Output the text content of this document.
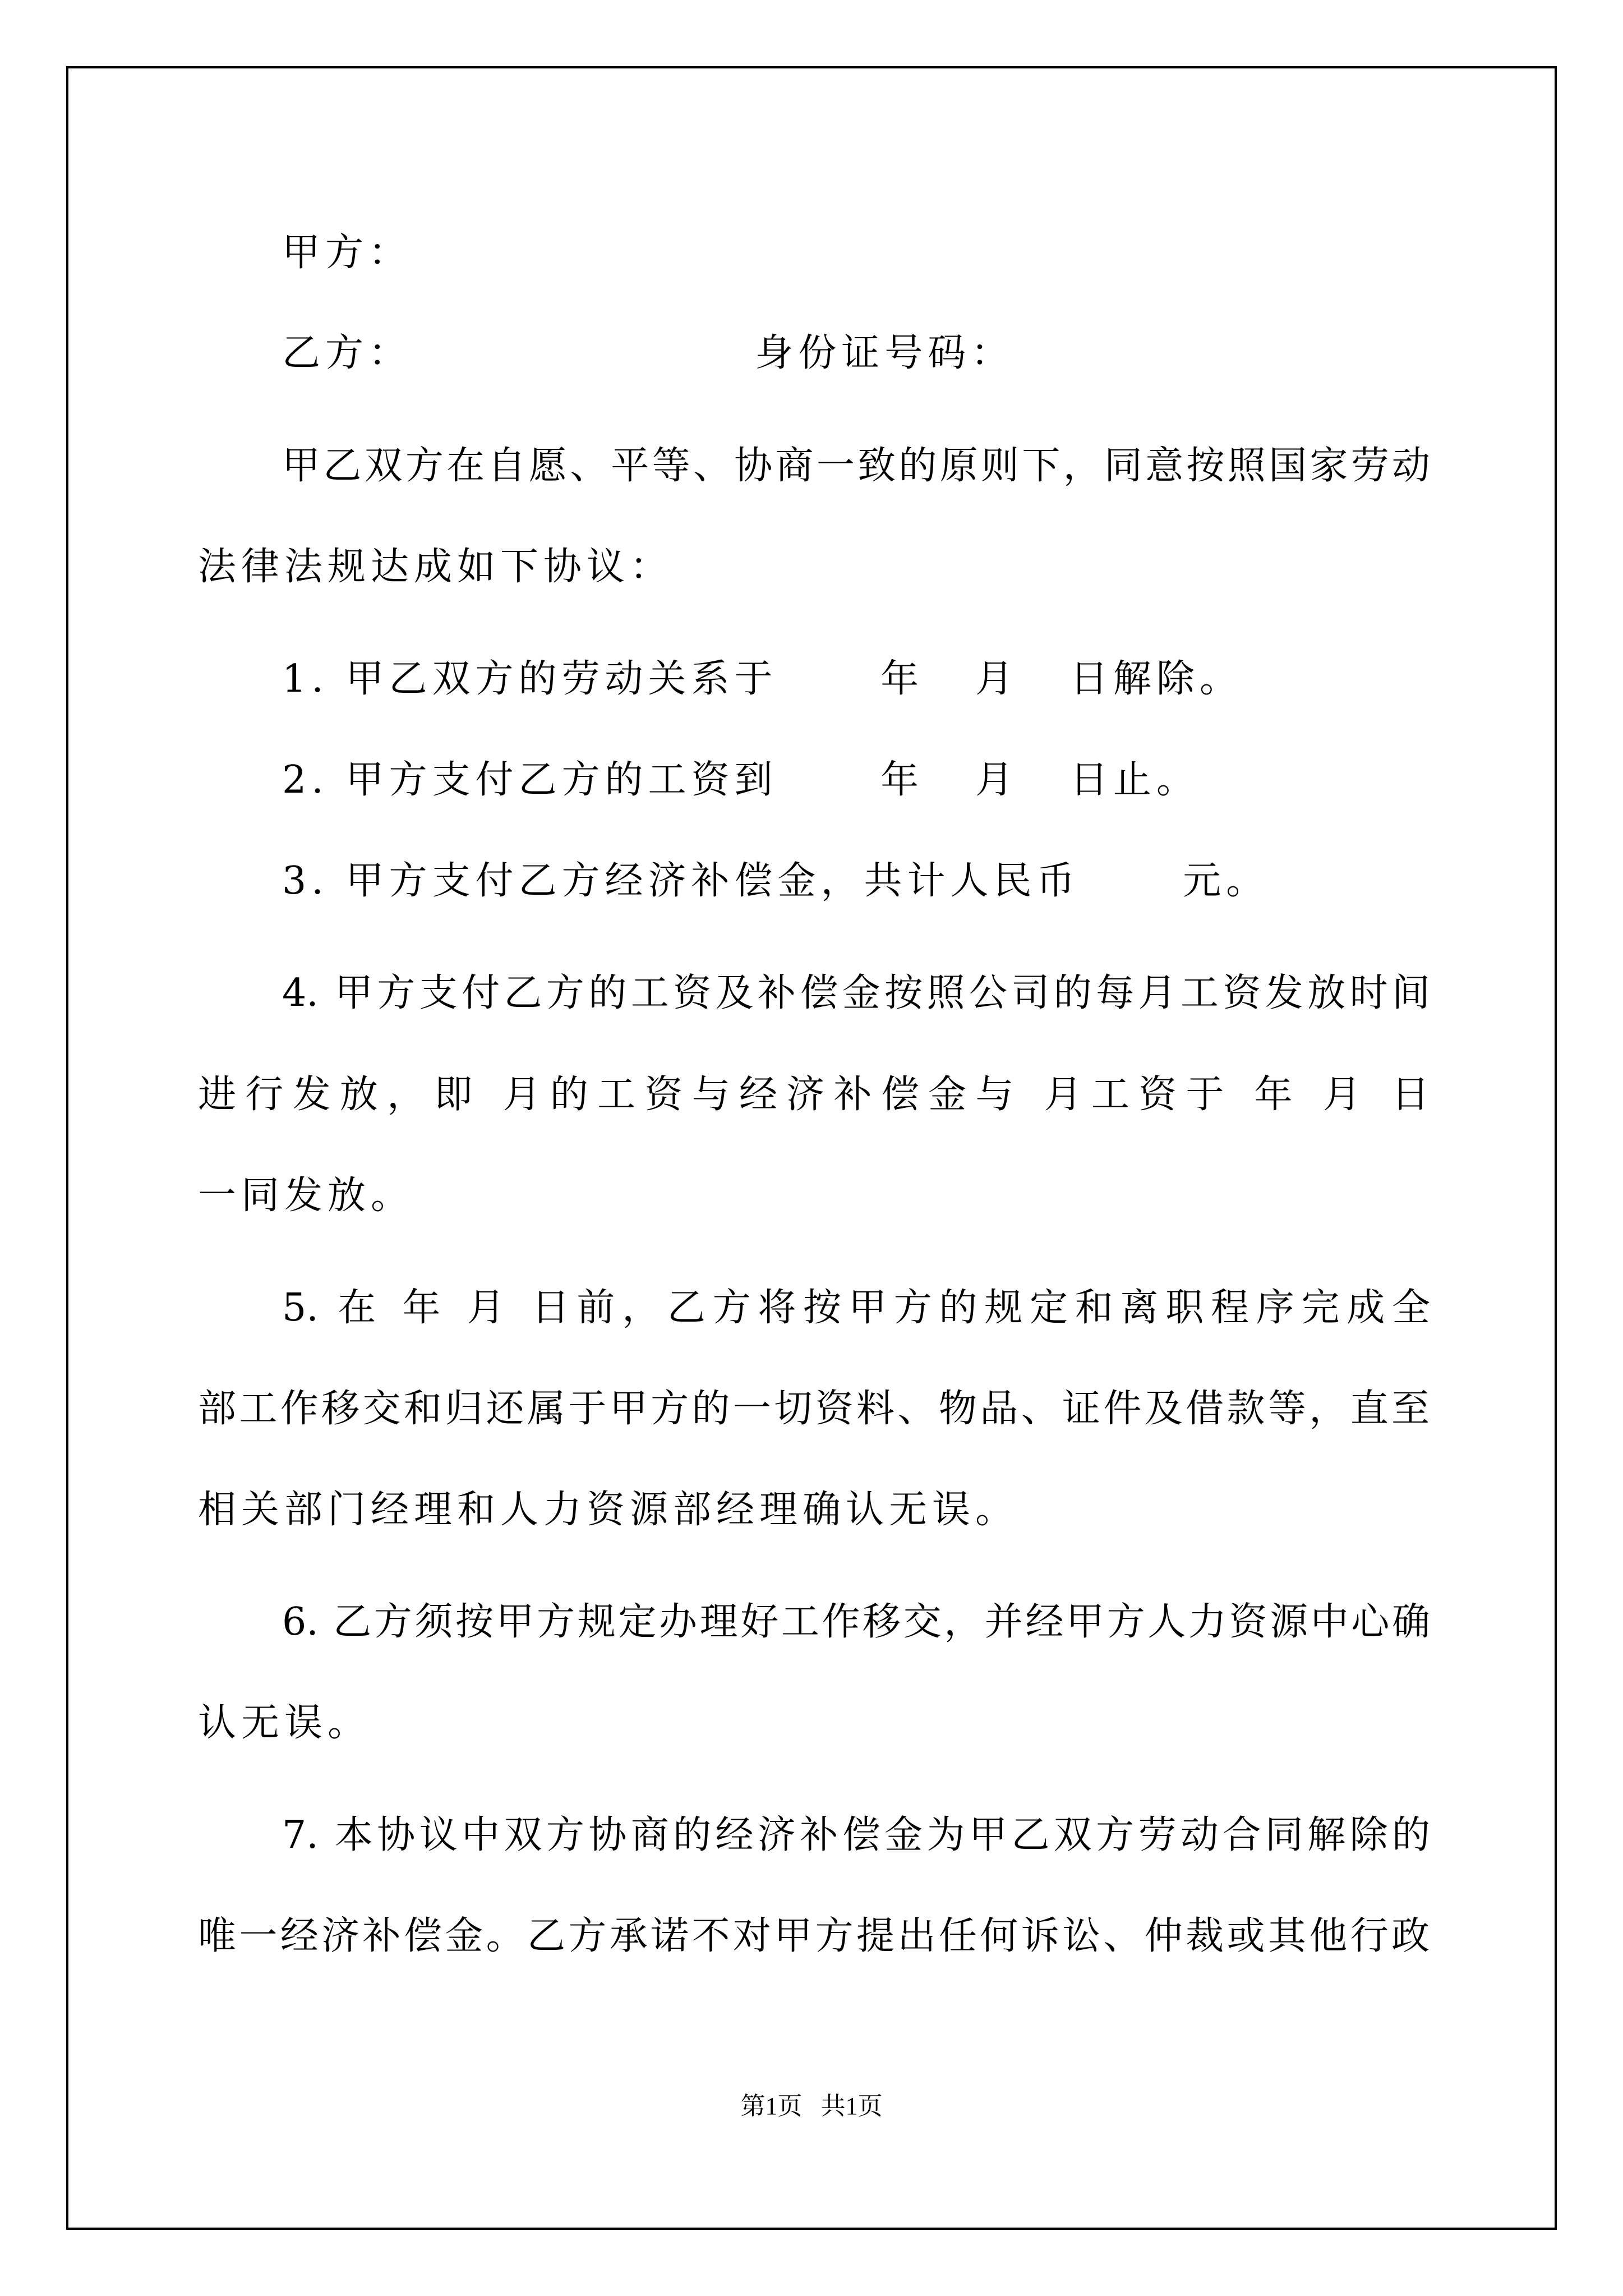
甲方：
乙方：                    身份证号码：
甲乙双方在自愿、平等、协商一致的原则下，同意按照国家劳动
法律法规达成如下协议：
1. 甲乙双方的劳动关系于      年   月   日解除。
2. 甲方支付乙方的工资到      年   月   日止。
3. 甲方支付乙方经济补偿金，共计人民币      元。
4. 甲方支付乙方的工资及补偿金按照公司的每月工资发放时间
进行发放，即 月的工资与经济补偿金与 月工资于 年 月 日
一同发放。
5. 在 年 月 日前，乙方将按甲方的规定和离职程序完成全
部工作移交和归还属于甲方的一切资料、物品、证件及借款等，直至
相关部门经理和人力资源部经理确认无误。
6. 乙方须按甲方规定办理好工作移交，并经甲方人力资源中心确
认无误。
7. 本协议中双方协商的经济补偿金为甲乙双方劳动合同解除的
唯一经济补偿金。乙方承诺不对甲方提出任何诉讼、仲裁或其他行政
第1页   共1页
